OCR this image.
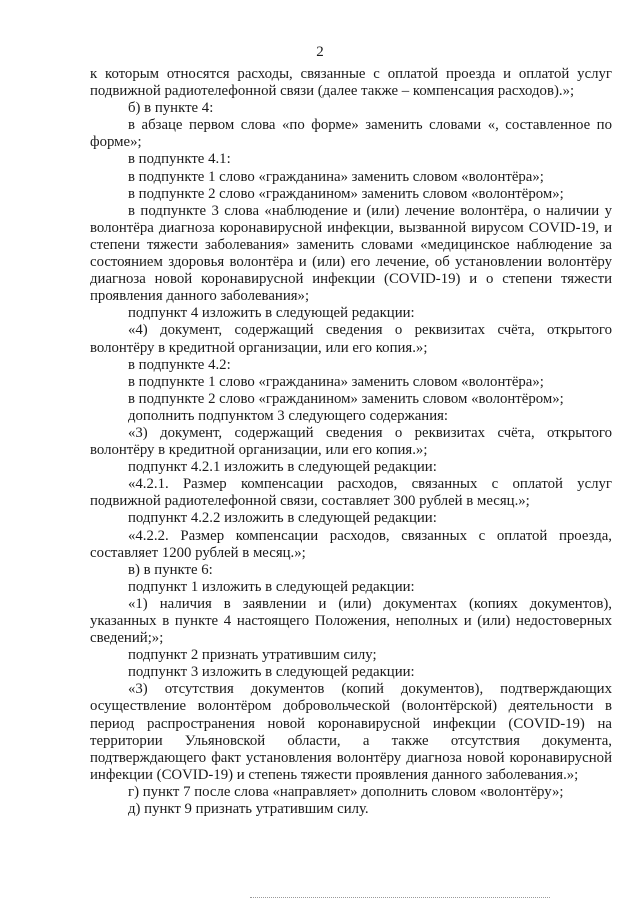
2

к которым относятся расходы, связанные с оплатой проезда и оплатой услуг подвижной радиотелефонной связи (далее также – компенсация расходов).»;

б) в пункте 4:

в абзаце первом слова «по форме» заменить словами «, составленное по форме»;

в подпункте 4.1:

в подпункте 1 слово «гражданина» заменить словом «волонтёра»;

в подпункте 2 слово «гражданином» заменить словом «волонтёром»;

в подпункте 3 слова «наблюдение и (или) лечение волонтёра, о наличии у волонтёра диагноза коронавирусной инфекции, вызванной вирусом COVID-19, и степени тяжести заболевания» заменить словами «медицинское наблюдение за состоянием здоровья волонтёра и (или) его лечение, об установлении волонтёру диагноза новой коронавирусной инфекции (COVID-19) и о степени тяжести проявления данного заболевания»;

подпункт 4 изложить в следующей редакции:

«4) документ, содержащий сведения о реквизитах счёта, открытого волонтёру в кредитной организации, или его копия.»;

в подпункте 4.2:

в подпункте 1 слово «гражданина» заменить словом «волонтёра»;

в подпункте 2 слово «гражданином» заменить словом «волонтёром»;

дополнить подпунктом 3 следующего содержания:

«3) документ, содержащий сведения о реквизитах счёта, открытого волонтёру в кредитной организации, или его копия.»;

подпункт 4.2.1 изложить в следующей редакции:

«4.2.1. Размер компенсации расходов, связанных с оплатой услуг подвижной радиотелефонной связи, составляет 300 рублей в месяц.»;

подпункт 4.2.2 изложить в следующей редакции:

«4.2.2. Размер компенсации расходов, связанных с оплатой проезда, составляет 1200 рублей в месяц.»;

в) в пункте 6:

подпункт 1 изложить в следующей редакции:

«1) наличия в заявлении и (или) документах (копиях документов), указанных в пункте 4 настоящего Положения, неполных и (или) недостоверных сведений;»;

подпункт 2 признать утратившим силу;

подпункт 3 изложить в следующей редакции:

«3) отсутствия документов (копий документов), подтверждающих осуществление волонтёром добровольческой (волонтёрской) деятельности в период распространения новой коронавирусной инфекции (COVID-19) на территории Ульяновской области, а также отсутствия документа, подтверждающего факт установления волонтёру диагноза новой коронавирусной инфекции (COVID-19) и степень тяжести проявления данного заболевания.»;

г) пункт 7 после слова «направляет» дополнить словом «волонтёру»;

д) пункт 9 признать утратившим силу.
